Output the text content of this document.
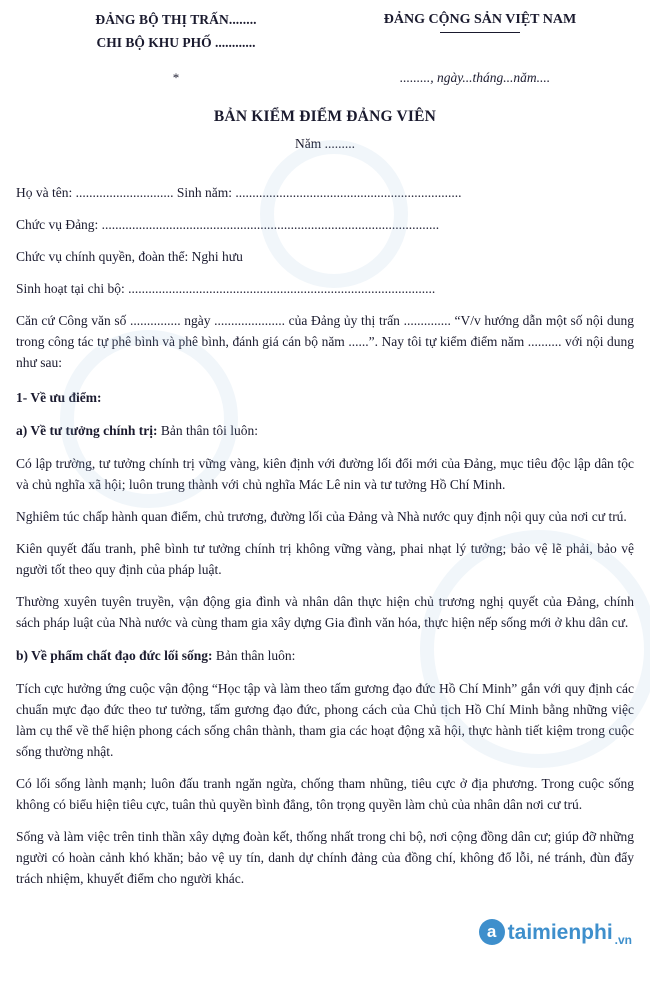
ĐẢNG BỘ THỊ TRẤN........
CHI BỘ KHU PHỐ ............
ĐẢNG CỘNG SẢN VIỆT NAM
*	........., ngày...tháng...năm....
BẢN KIỂM ĐIỂM ĐẢNG VIÊN
Năm .........
Họ và tên: ............................. Sinh năm: ...................................................................
Chức vụ Đảng: ....................................................................................................
Chức vụ chính quyền, đoàn thể: Nghi hưu
Sinh hoạt tại chi bộ: ...........................................................................................
Căn cứ Công văn số ............... ngày ..................... của Đảng ủy thị trấn .............. “V/v hướng dẫn một số nội dung trong công tác tự phê bình và phê bình, đánh giá cán bộ năm ......”. Nay tôi tự kiểm điểm năm .......... với nội dung như sau:
1- Về ưu điểm:
a) Về tư tưởng chính trị: Bản thân tôi luôn:
Có lập trường, tư tưởng chính trị vững vàng, kiên định với đường lối đổi mới của Đảng, mục tiêu độc lập dân tộc và chủ nghĩa xã hội; luôn trung thành với chủ nghĩa Mác Lê nin và tư tưởng Hồ Chí Minh.
Nghiêm túc chấp hành quan điểm, chủ trương, đường lối của Đảng và Nhà nước quy định nội quy của nơi cư trú.
Kiên quyết đấu tranh, phê bình tư tưởng chính trị không vững vàng, phai nhạt lý tưởng; bảo vệ lẽ phải, bảo vệ người tốt theo quy định của pháp luật.
Thường xuyên tuyên truyền, vận động gia đình và nhân dân thực hiện chủ trương nghị quyết của Đảng, chính sách pháp luật của Nhà nước và cùng tham gia xây dựng Gia đình văn hóa, thực hiện nếp sống mới ở khu dân cư.
b) Về phẩm chất đạo đức lối sống: Bản thân luôn:
Tích cực hưởng ứng cuộc vận động “Học tập và làm theo tấm gương đạo đức Hồ Chí Minh” gắn với quy định các chuẩn mực đạo đức theo tư tưởng, tấm gương đạo đức, phong cách của Chủ tịch Hồ Chí Minh bằng những việc làm cụ thể về thể hiện phong cách sống chân thành, tham gia các hoạt động xã hội, thực hành tiết kiệm trong cuộc sống thường nhật.
Có lối sống lành mạnh; luôn đấu tranh ngăn ngừa, chống tham nhũng, tiêu cực ở địa phương. Trong cuộc sống không có biểu hiện tiêu cực, tuân thủ quyền bình đẳng, tôn trọng quyền làm chủ của nhân dân nơi cư trú.
Sống và làm việc trên tinh thần xây dựng đoàn kết, thống nhất trong chi bộ, nơi cộng đồng dân cư; giúp đỡ những người có hoàn cảnh khó khăn; bảo vệ uy tín, danh dự chính đảng của đồng chí, không đổ lỗi, né tránh, đùn đẩy trách nhiệm, khuyết điểm cho người khác.
a taimienphi .vn
